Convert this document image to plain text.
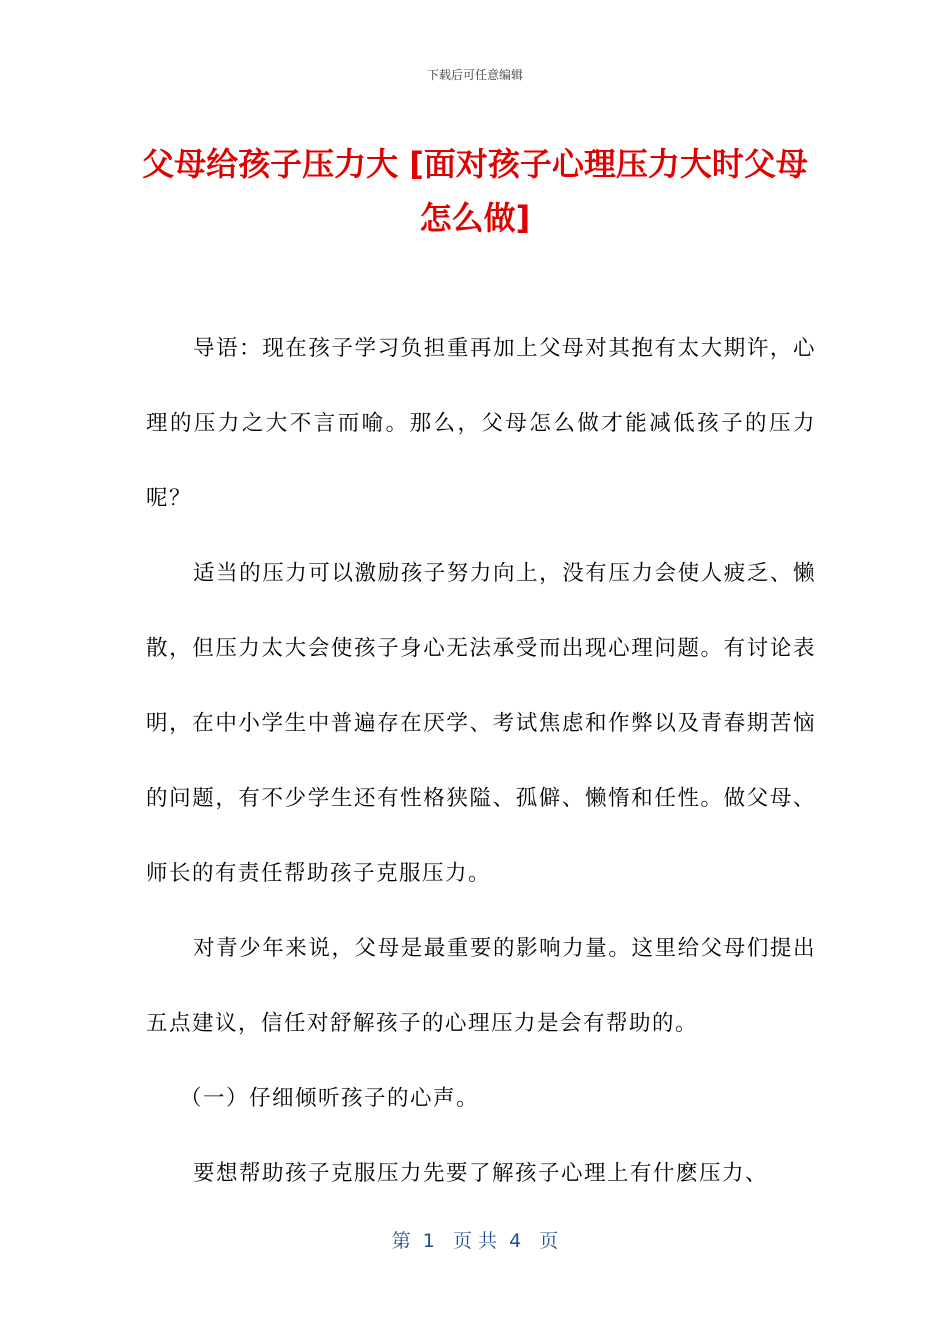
下载后可任意编辑
父母给孩子压力大 [面对孩子心理压力大时父母怎么做]

导语：现在孩子学习负担重再加上父母对其抱有太大期许，心理的压力之大不言而喻。那么，父母怎么做才能减低孩子的压力呢？

适当的压力可以激励孩子努力向上，没有压力会使人疲乏、懒散，但压力太大会使孩子身心无法承受而出现心理问题。有讨论表明，在中小学生中普遍存在厌学、考试焦虑和作弊以及青春期苦恼的问题，有不少学生还有性格狭隘、孤僻、懒惰和任性。做父母、师长的有责任帮助孩子克服压力。

对青少年来说，父母是最重要的影响力量。这里给父母们提出五点建议，信任对舒解孩子的心理压力是会有帮助的。

（一）仔细倾听孩子的心声。

要想帮助孩子克服压力先要了解孩子心理上有什麽压力、

第  1   页 共  4   页
